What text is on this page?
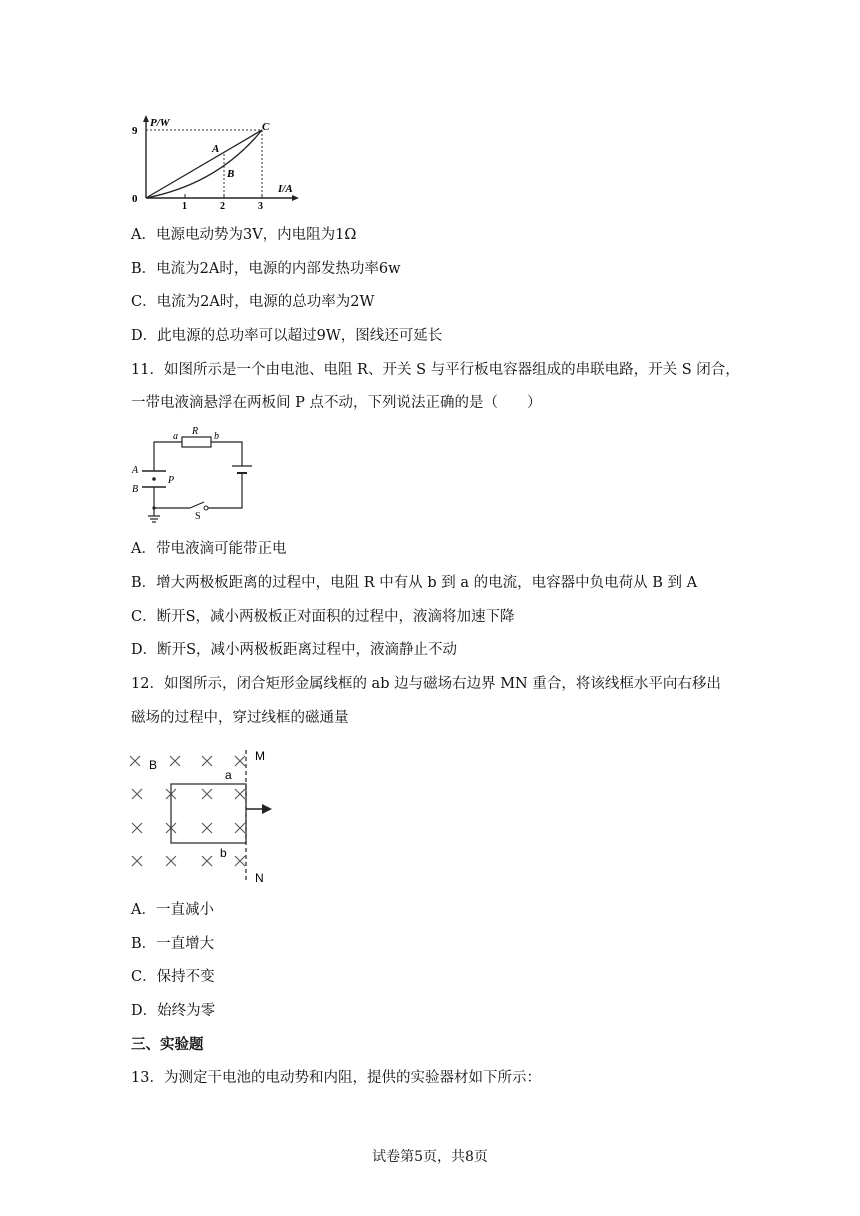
P/W
9
0
I/A
1	2	3
A
B
C
A．电源电动势为3V，内电阻为1Ω
B．电流为2A时，电源的内部发热功率6w
C．电流为2A时，电源的总功率为2W
D．此电源的总功率可以超过9W，图线还可延长
11．如图所示是一个由电池、电阻 R、开关 S 与平行板电容器组成的串联电路，开关 S 闭合，
一带电液滴悬浮在两板间 P 点不动，下列说法正确的是（　　）
a R b
A
B
P
S
A．带电液滴可能带正电
B．增大两极板距离的过程中，电阻 R 中有从 b 到 a 的电流，电容器中负电荷从 B 到 A
C．断开S，减小两极板正对面积的过程中，液滴将加速下降
D．断开S，减小两极板距离过程中，液滴静止不动
12．如图所示，闭合矩形金属线框的 ab 边与磁场右边界 MN 重合，将该线框水平向右移出
磁场的过程中，穿过线框的磁通量
B
M
a
b
N
A．一直减小
B．一直增大
C．保持不变
D．始终为零
三、实验题
13．为测定干电池的电动势和内阻，提供的实验器材如下所示：
试卷第5页，共8页
